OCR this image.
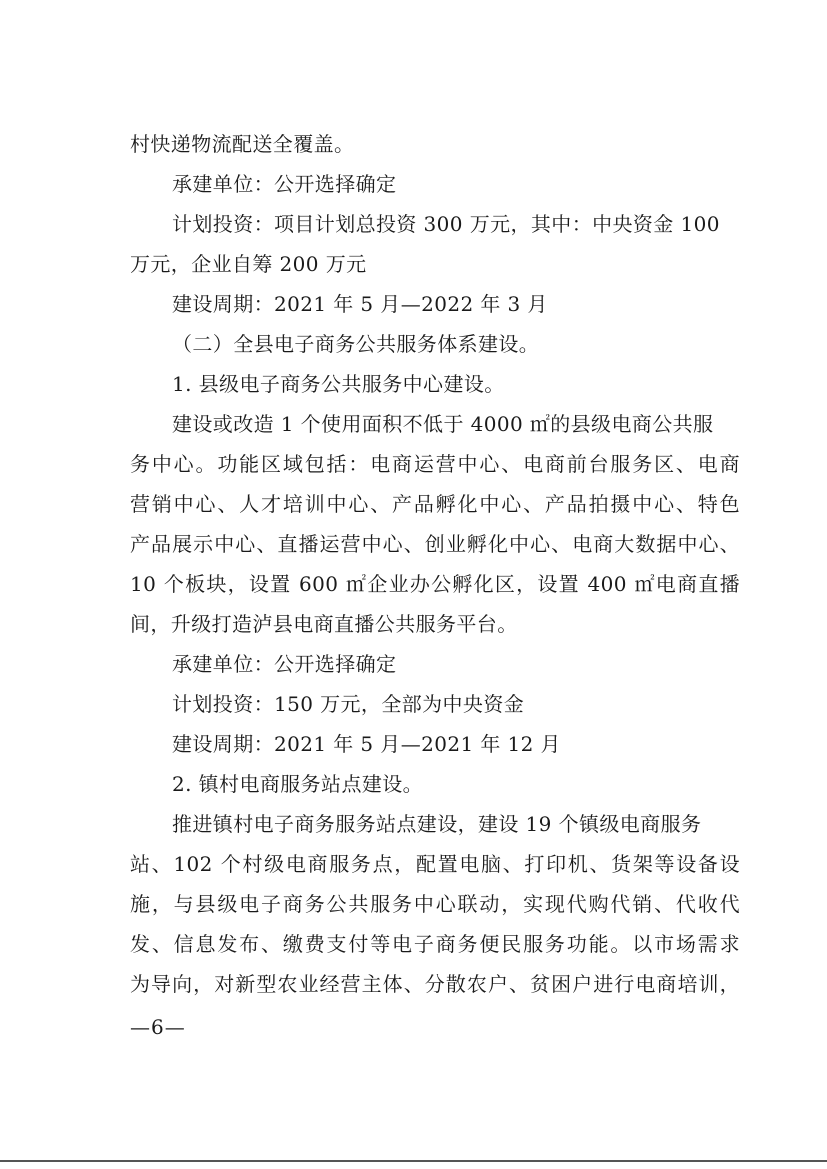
村快递物流配送全覆盖。
承建单位：公开选择确定
计划投资：项目计划总投资 300 万元，其中：中央资金 100
万元，企业自筹 200 万元
建设周期：2021 年 5 月—2022 年 3 月
（二）全县电子商务公共服务体系建设。
1. 县级电子商务公共服务中心建设。
建设或改造 1 个使用面积不低于 4000 ㎡的县级电商公共服
务中心。功能区域包括：电商运营中心、电商前台服务区、电商
营销中心、人才培训中心、产品孵化中心、产品拍摄中心、特色
产品展示中心、直播运营中心、创业孵化中心、电商大数据中心、
10 个板块，设置 600 ㎡企业办公孵化区，设置 400 ㎡电商直播
间，升级打造泸县电商直播公共服务平台。
承建单位：公开选择确定
计划投资：150 万元，全部为中央资金
建设周期：2021 年 5 月—2021 年 12 月
2. 镇村电商服务站点建设。
推进镇村电子商务服务站点建设，建设 19 个镇级电商服务
站、102 个村级电商服务点，配置电脑、打印机、货架等设备设
施，与县级电子商务公共服务中心联动，实现代购代销、代收代
发、信息发布、缴费支付等电子商务便民服务功能。以市场需求
为导向，对新型农业经营主体、分散农户、贫困户进行电商培训，
—6—
